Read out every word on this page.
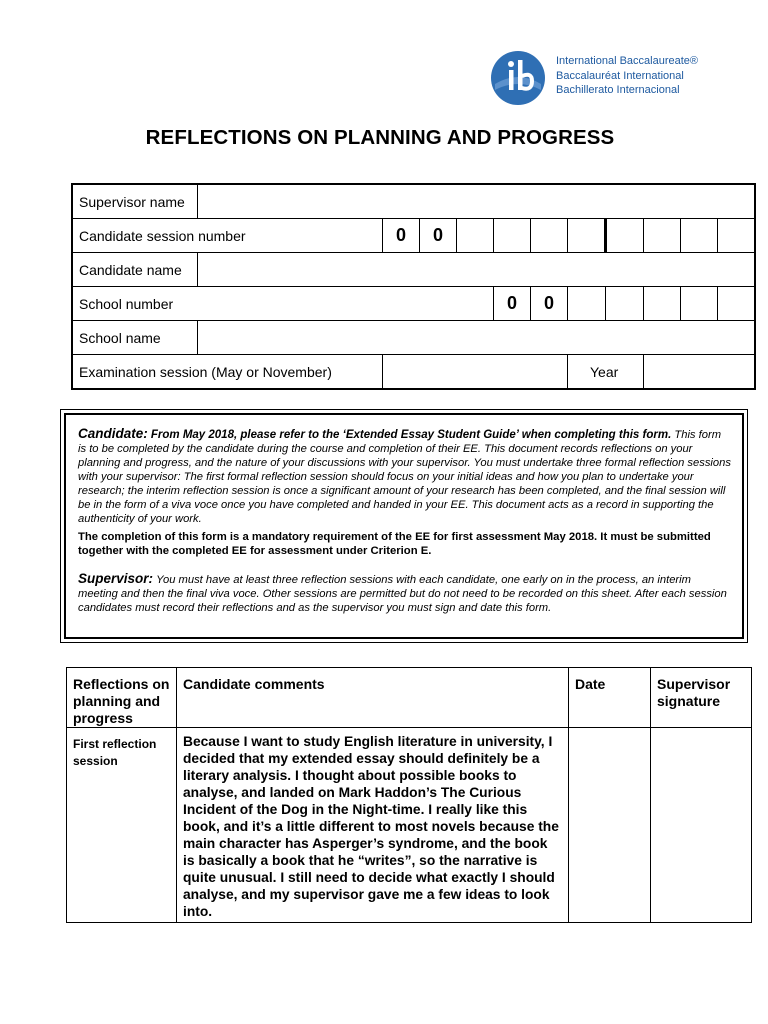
International Baccalaureate®
Baccalauréat International
Bachillerato Internacional
REFLECTIONS ON PLANNING AND PROGRESS
Supervisor name											
Candidate session number		0	0								
Candidate name											
School number					0	0					
School name											
Examination session (May or November)							Year				

Candidate: From May 2018, please refer to the ‘Extended Essay Student Guide’ when completing this form. This form is to be completed by the candidate during the course and completion of their EE. This document records reflections on your planning and progress, and the nature of your discussions with your supervisor. You must undertake three formal reflection sessions with your supervisor: The first formal reflection session should focus on your initial ideas and how you plan to undertake your research; the interim reflection session is once a significant amount of your research has been completed, and the final session will be in the form of a viva voce once you have completed and handed in your EE. This document acts as a record in supporting the authenticity of your work.

The completion of this form is a mandatory requirement of the EE for first assessment May 2018. It must be submitted together with the completed EE for assessment under Criterion E.

Supervisor: You must have at least three reflection sessions with each candidate, one early on in the process, an interim meeting and then the final viva voce. Other sessions are permitted but do not need to be recorded on this sheet. After each session candidates must record their reflections and as the supervisor you must sign and date this form.

Reflections on planning and progress	Candidate comments	Date	Supervisor signature
First reflection session	Because I want to study English literature in university, I decided that my extended essay should definitely be a literary analysis. I thought about possible books to analyse, and landed on Mark Haddon’s The Curious Incident of the Dog in the Night-time. I really like this book, and it’s a little different to most novels because the main character has Asperger’s syndrome, and the book is basically a book that he “writes”, so the narrative is quite unusual. I still need to decide what exactly I should analyse, and my supervisor gave me a few ideas to look into.		
